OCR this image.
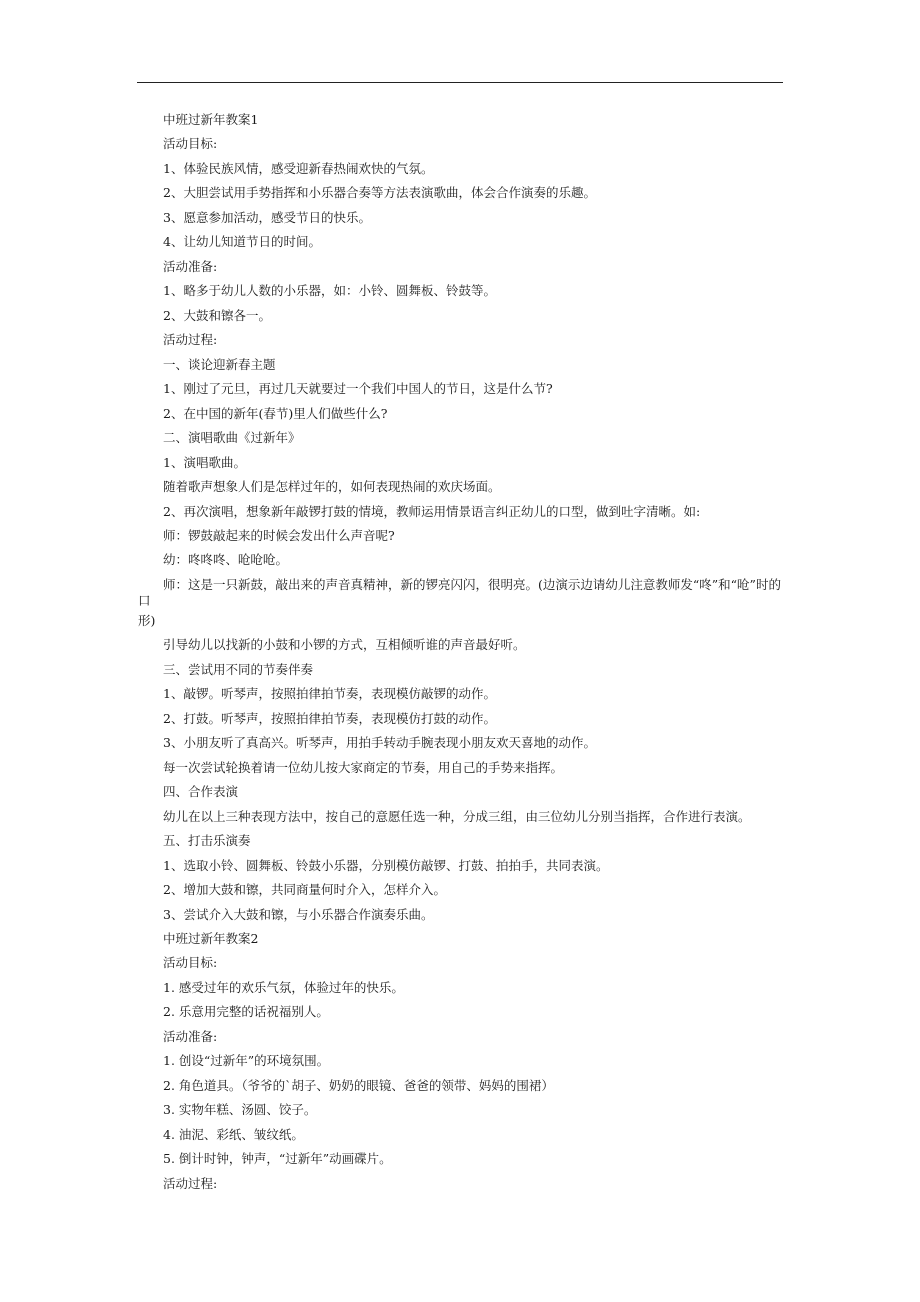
中班过新年教案1

活动目标:

1、体验民族风情，感受迎新春热闹欢快的气氛。

2、大胆尝试用手势指挥和小乐器合奏等方法表演歌曲，体会合作演奏的乐趣。

3、愿意参加活动，感受节日的快乐。

4、让幼儿知道节日的时间。

活动准备:

1、略多于幼儿人数的小乐器，如：小铃、圆舞板、铃鼓等。

2、大鼓和镲各一。

活动过程:

一、谈论迎新春主题

1、刚过了元旦，再过几天就要过一个我们中国人的节日，这是什么节?

2、在中国的新年(春节)里人们做些什么?

二、演唱歌曲《过新年》

1、演唱歌曲。

随着歌声想象人们是怎样过年的，如何表现热闹的欢庆场面。

2、再次演唱，想象新年敲锣打鼓的情境，教师运用情景语言纠正幼儿的口型，做到吐字清晰。如:

师：锣鼓敲起来的时候会发出什么声音呢?

幼：咚咚咚、呛呛呛。

师：这是一只新鼓，敲出来的声音真精神，新的锣亮闪闪，很明亮。(边演示边请幼儿注意教师发“咚”和“呛”时的口
形)

引导幼儿以找新的小鼓和小锣的方式，互相倾听谁的声音最好听。

三、尝试用不同的节奏伴奏

1、敲锣。听琴声，按照拍律拍节奏，表现模仿敲锣的动作。

2、打鼓。听琴声，按照拍律拍节奏，表现模仿打鼓的动作。

3、小朋友听了真高兴。听琴声，用拍手转动手腕表现小朋友欢天喜地的动作。

每一次尝试轮换着请一位幼儿按大家商定的节奏，用自己的手势来指挥。

四、合作表演

幼儿在以上三种表现方法中，按自己的意愿任选一种，分成三组，由三位幼儿分别当指挥，合作进行表演。

五、打击乐演奏

1、选取小铃、圆舞板、铃鼓小乐器，分别模仿敲锣、打鼓、拍拍手，共同表演。

2、增加大鼓和镲，共同商量何时介入，怎样介入。

3、尝试介入大鼓和镲，与小乐器合作演奏乐曲。

中班过新年教案2

活动目标:

1. 感受过年的欢乐气氛，体验过年的快乐。

2. 乐意用完整的话祝福别人。

活动准备:

1. 创设“过新年”的环境氛围。

2. 角色道具。（爷爷的`胡子、奶奶的眼镜、爸爸的领带、妈妈的围裙）

3. 实物年糕、汤圆、饺子。

4. 油泥、彩纸、皱纹纸。

5. 倒计时钟，钟声，“过新年”动画碟片。

活动过程:
